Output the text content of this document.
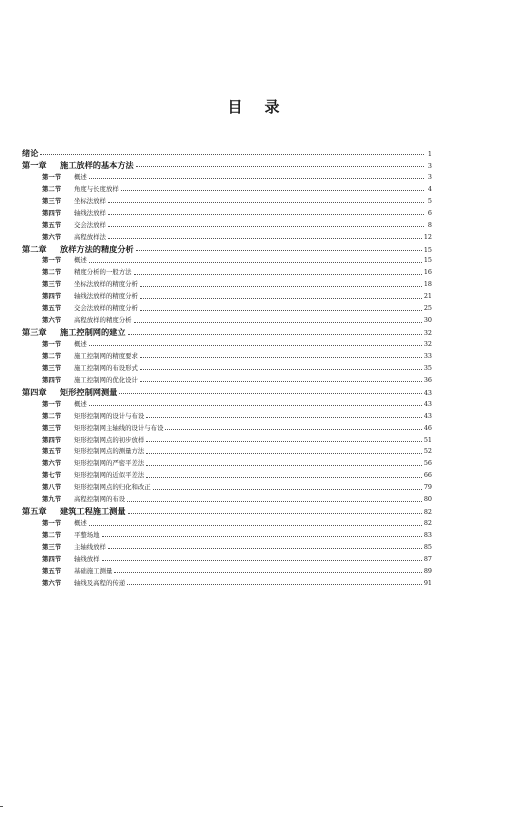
目 录
绪论	1
第一章	施工放样的基本方法	3
第一节	概述	3
第二节	角度与长度放样	4
第三节	坐标法放样	5
第四节	轴线法放样	6
第五节	交会法放样	8
第六节	高程放样法	12
第二章	放样方法的精度分析	15
第一节	概述	15
第二节	精度分析的一般方法	16
第三节	坐标法放样的精度分析	18
第四节	轴线法放样的精度分析	21
第五节	交会法放样的精度分析	25
第六节	高程放样的精度分析	30
第三章	施工控制网的建立	32
第一节	概述	32
第二节	施工控制网的精度要求	33
第三节	施工控制网的布设形式	35
第四节	施工控制网的优化设计	36
第四章	矩形控制网测量	43
第一节	概述	43
第二节	矩形控制网的设计与布设	43
第三节	矩形控制网主轴线的设计与布设	46
第四节	矩形控制网点的初步放样	51
第五节	矩形控制网点的测量方法	52
第六节	矩形控制网的严密平差法	56
第七节	矩形控制网的近似平差法	66
第八节	矩形控制网点的归化和改正	79
第九节	高程控制网的布设	80
第五章	建筑工程施工测量	82
第一节	概述	82
第二节	平整场地	83
第三节	主轴线放样	85
第四节	轴线放样	87
第五节	基础施工测量	89
第六节	轴线及高程的传递	91
